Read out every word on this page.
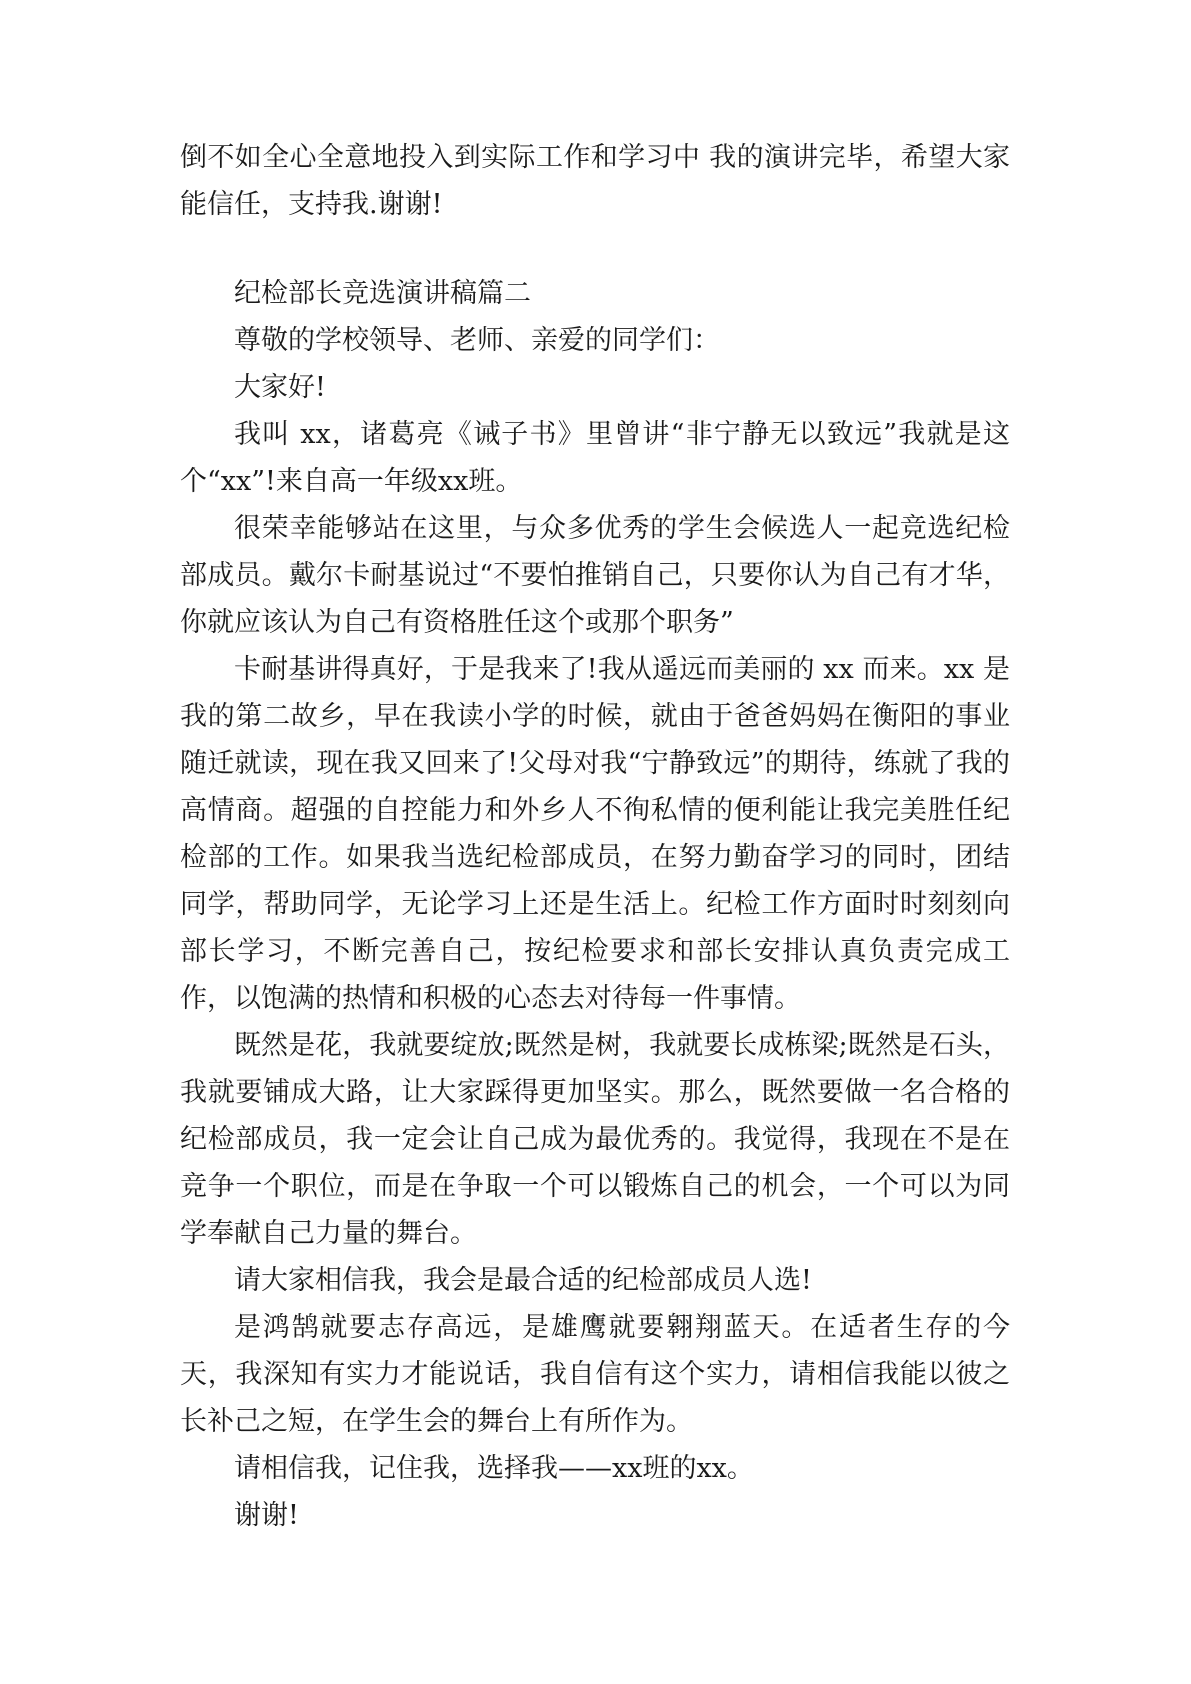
倒不如全心全意地投入到实际工作和学习中 我的演讲完毕，希望大家能信任，支持我.谢谢!

纪检部长竞选演讲稿篇二

尊敬的学校领导、老师、亲爱的同学们：

大家好!

我叫 xx，诸葛亮《诫子书》里曾讲“非宁静无以致远”我就是这个“xx”!来自高一年级xx班。

很荣幸能够站在这里，与众多优秀的学生会候选人一起竞选纪检部成员。戴尔卡耐基说过“不要怕推销自己，只要你认为自己有才华，你就应该认为自己有资格胜任这个或那个职务”

卡耐基讲得真好，于是我来了!我从遥远而美丽的 xx 而来。xx 是我的第二故乡，早在我读小学的时候，就由于爸爸妈妈在衡阳的事业随迁就读，现在我又回来了!父母对我“宁静致远”的期待，练就了我的高情商。超强的自控能力和外乡人不徇私情的便利能让我完美胜任纪检部的工作。如果我当选纪检部成员，在努力勤奋学习的同时，团结同学，帮助同学，无论学习上还是生活上。纪检工作方面时时刻刻向部长学习，不断完善自己，按纪检要求和部长安排认真负责完成工作，以饱满的热情和积极的心态去对待每一件事情。

既然是花，我就要绽放;既然是树，我就要长成栋梁;既然是石头，我就要铺成大路，让大家踩得更加坚实。那么，既然要做一名合格的纪检部成员，我一定会让自己成为最优秀的。我觉得，我现在不是在竞争一个职位，而是在争取一个可以锻炼自己的机会，一个可以为同学奉献自己力量的舞台。

请大家相信我，我会是最合适的纪检部成员人选!

是鸿鹄就要志存高远，是雄鹰就要翱翔蓝天。在适者生存的今天，我深知有实力才能说话，我自信有这个实力，请相信我能以彼之长补己之短，在学生会的舞台上有所作为。

请相信我，记住我，选择我——xx班的xx。

谢谢!
